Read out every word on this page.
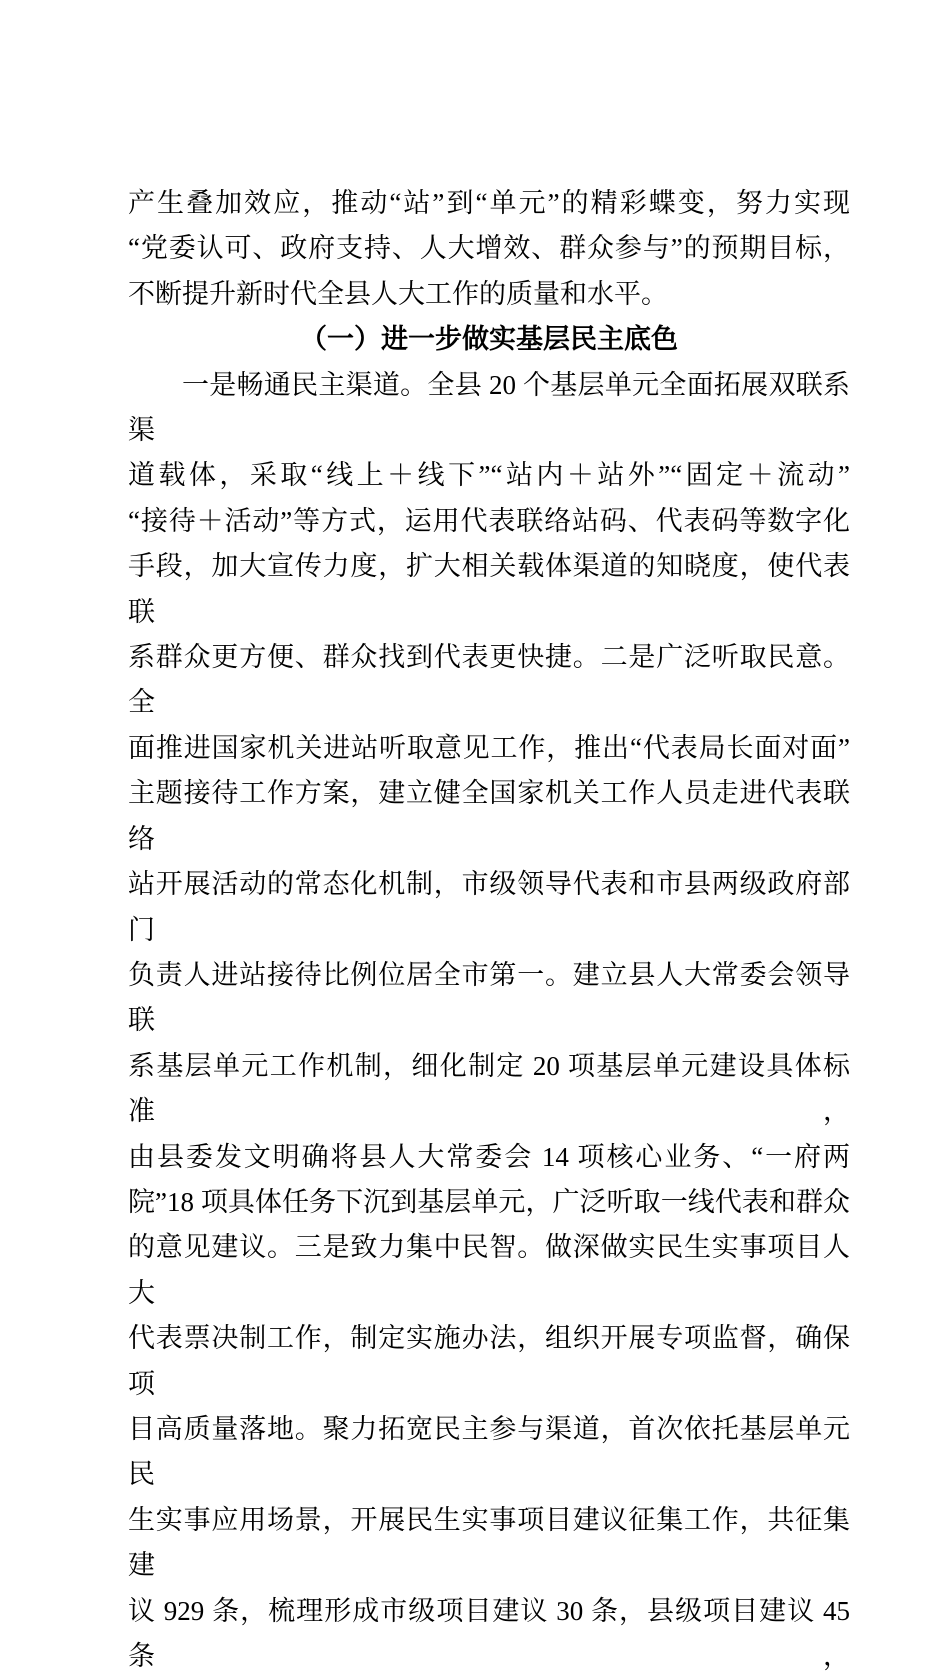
产生叠加效应，推动“站”到“单元”的精彩蝶变，努力实现
“党委认可、政府支持、人大增效、群众参与”的预期目标，
不断提升新时代全县人大工作的质量和水平。
（一）进一步做实基层民主底色
一是畅通民主渠道。全县 20 个基层单元全面拓展双联系渠
道载体，采取“线上＋线下”“站内＋站外”“固定＋流动”
“接待＋活动”等方式，运用代表联络站码、代表码等数字化
手段，加大宣传力度，扩大相关载体渠道的知晓度，使代表联
系群众更方便、群众找到代表更快捷。二是广泛听取民意。全
面推进国家机关进站听取意见工作，推出“代表局长面对面”
主题接待工作方案，建立健全国家机关工作人员走进代表联络
站开展活动的常态化机制，市级领导代表和市县两级政府部门
负责人进站接待比例位居全市第一。建立县人大常委会领导联
系基层单元工作机制，细化制定 20 项基层单元建设具体标准，
由县委发文明确将县人大常委会 14 项核心业务、“一府两
院”18 项具体任务下沉到基层单元，广泛听取一线代表和群众
的意见建议。三是致力集中民智。做深做实民生实事项目人大
代表票决制工作，制定实施办法，组织开展专项监督，确保项
目高质量落地。聚力拓宽民主参与渠道，首次依托基层单元民
生实事应用场景，开展民生实事项目建议征集工作，共征集建
议 929 条，梳理形成市级项目建议 30 条，县级项目建议 45 条，
